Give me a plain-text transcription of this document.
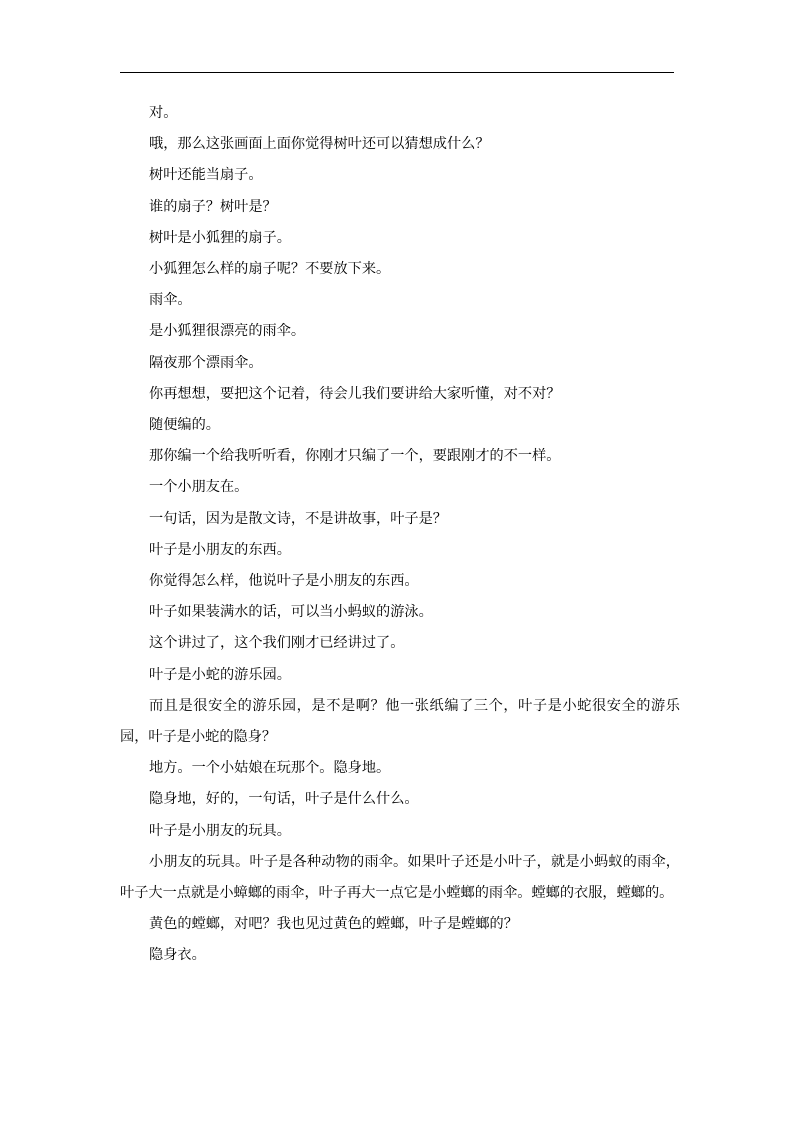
对。

哦，那么这张画面上面你觉得树叶还可以猜想成什么？

树叶还能当扇子。

谁的扇子？树叶是？

树叶是小狐狸的扇子。

小狐狸怎么样的扇子呢？不要放下来。

雨伞。

是小狐狸很漂亮的雨伞。

隔夜那个漂雨伞。

你再想想，要把这个记着，待会儿我们要讲给大家听懂，对不对？

随便编的。

那你编一个给我听听看，你刚才只编了一个，要跟刚才的不一样。

一个小朋友在。

一句话，因为是散文诗，不是讲故事，叶子是？

叶子是小朋友的东西。

你觉得怎么样，他说叶子是小朋友的东西。

叶子如果装满水的话，可以当小蚂蚁的游泳。

这个讲过了，这个我们刚才已经讲过了。

叶子是小蛇的游乐园。

而且是很安全的游乐园，是不是啊？他一张纸编了三个，叶子是小蛇很安全的游乐园，叶子是小蛇的隐身？

地方。一个小姑娘在玩那个。隐身地。

隐身地，好的，一句话，叶子是什么什么。

叶子是小朋友的玩具。

小朋友的玩具。叶子是各种动物的雨伞。如果叶子还是小叶子，就是小蚂蚁的雨伞，叶子大一点就是小蟑螂的雨伞，叶子再大一点它是小螳螂的雨伞。螳螂的衣服，螳螂的。

黄色的螳螂，对吧？我也见过黄色的螳螂，叶子是螳螂的？

隐身衣。
